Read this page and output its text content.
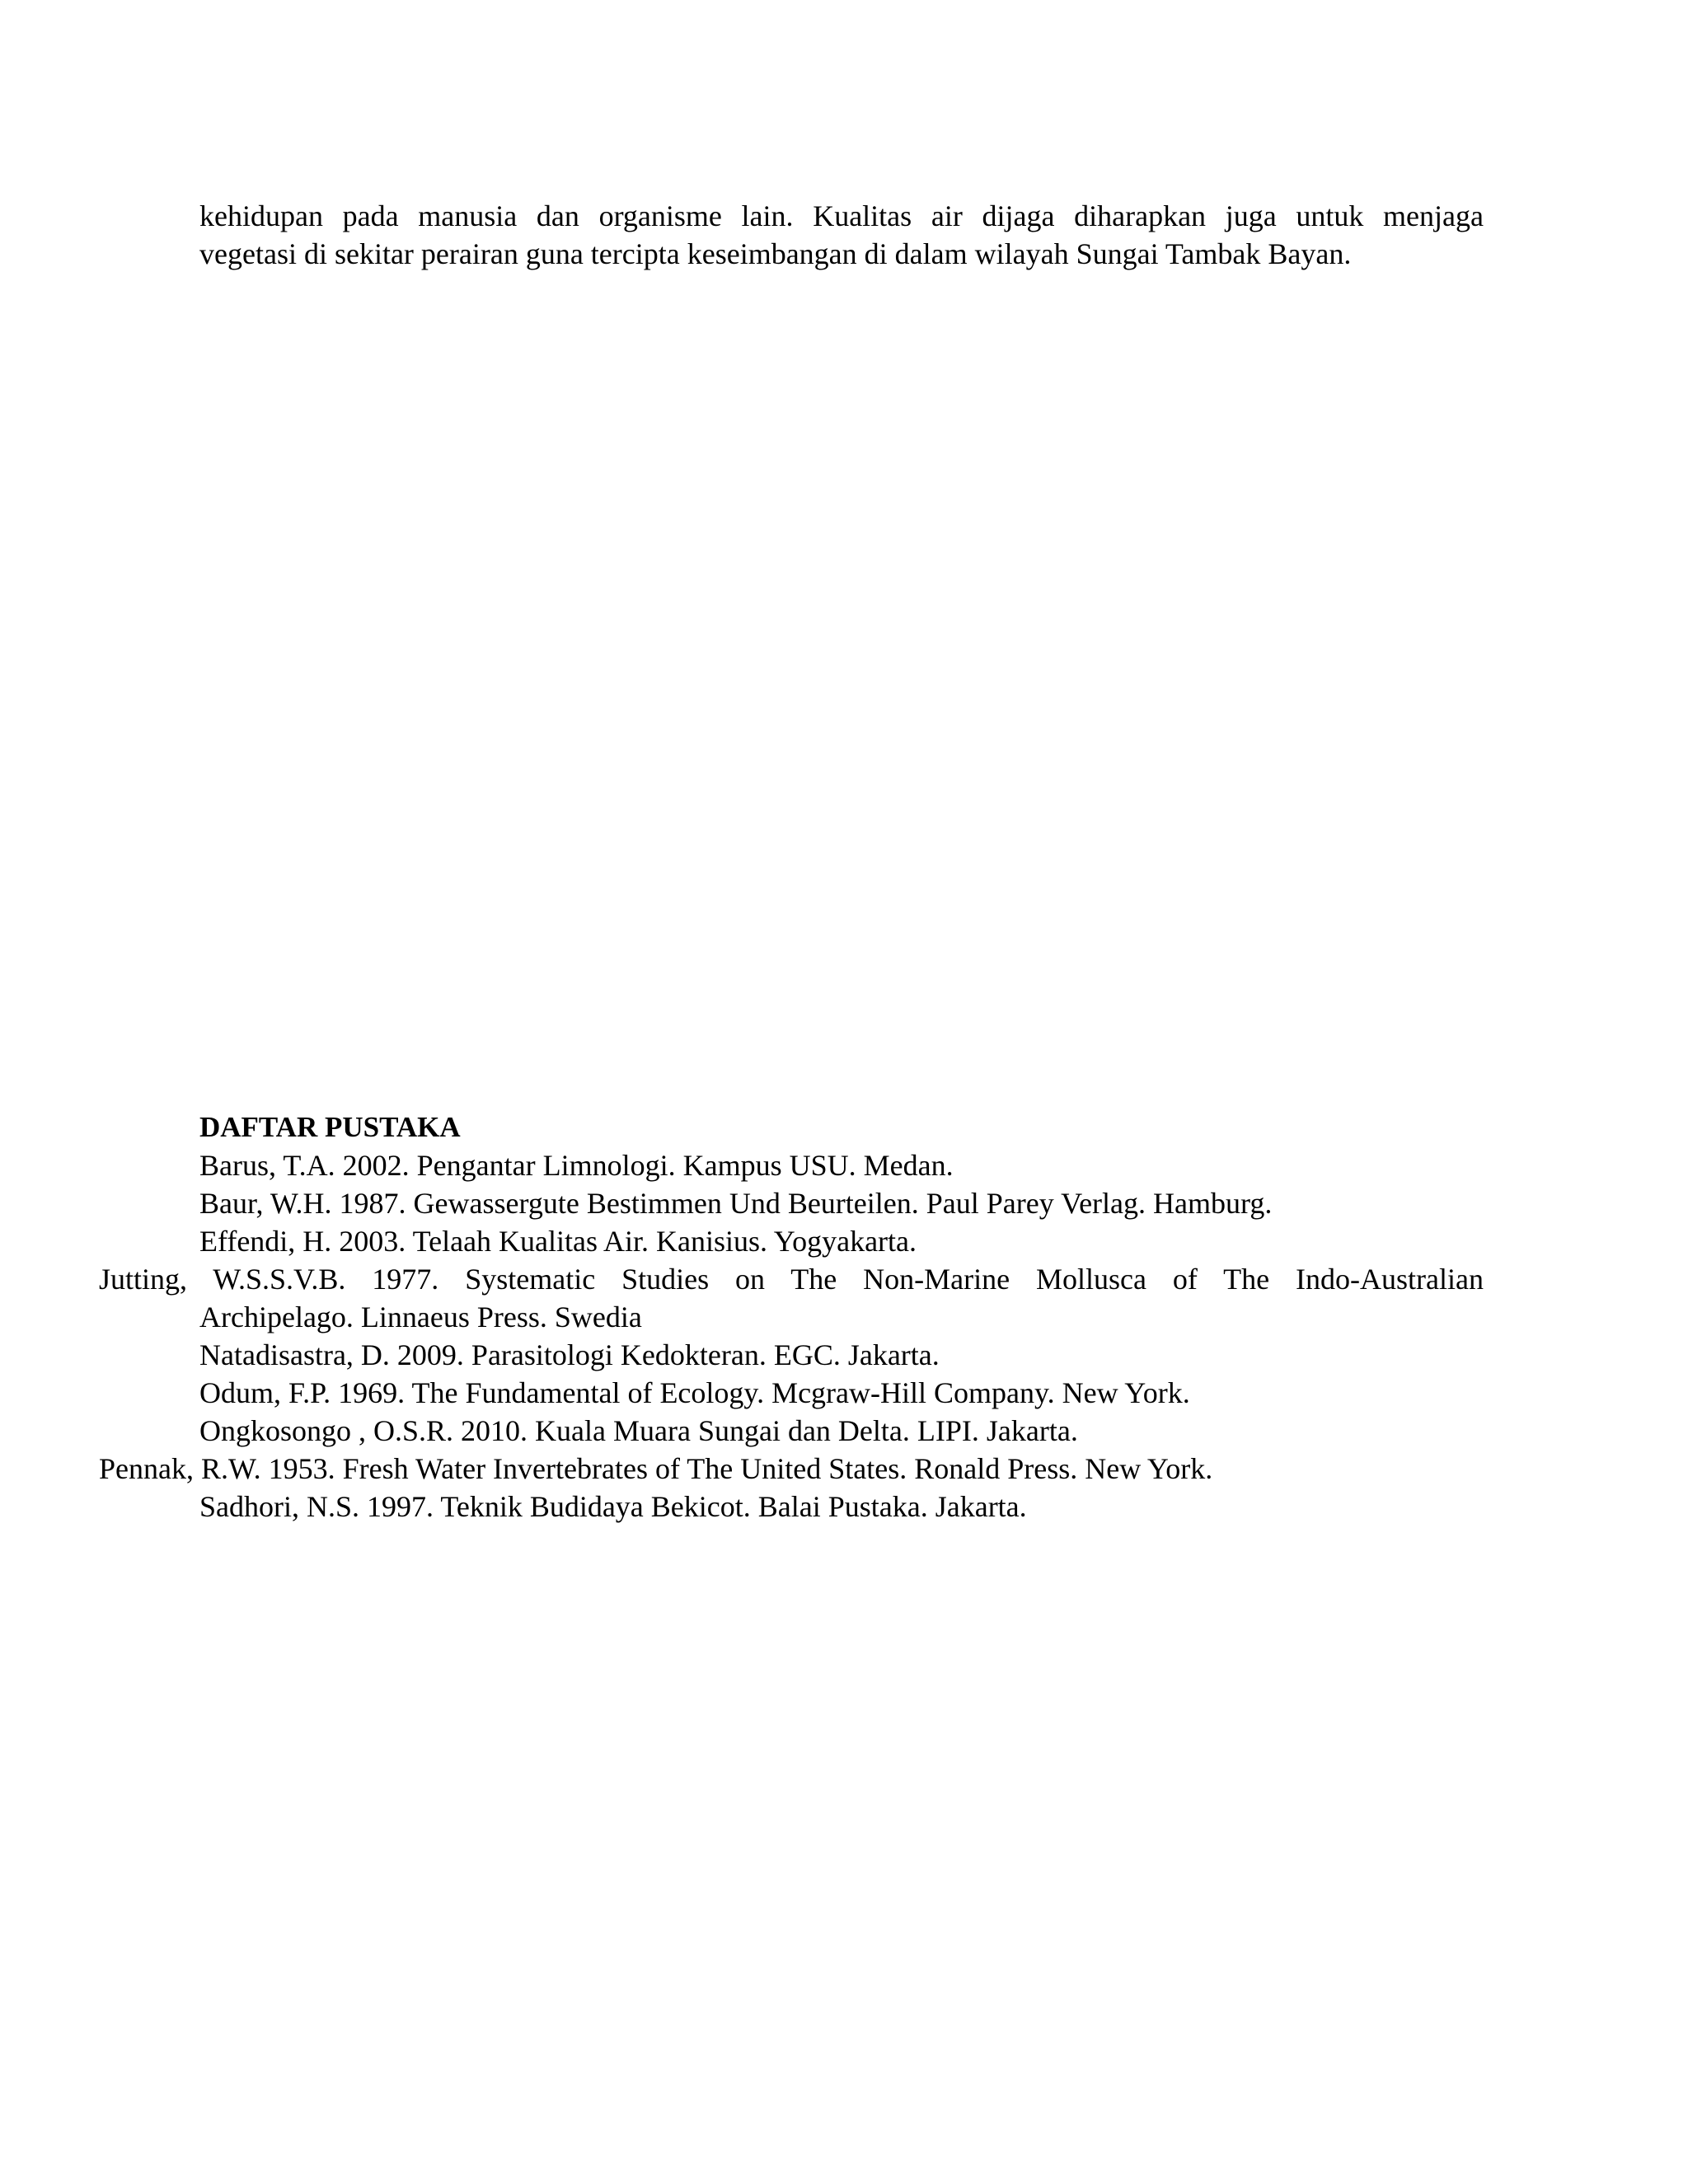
kehidupan pada manusia dan organisme lain. Kualitas air dijaga diharapkan juga untuk menjaga
vegetasi di sekitar perairan guna tercipta keseimbangan di dalam wilayah Sungai Tambak Bayan.
DAFTAR PUSTAKA
Barus, T.A. 2002. Pengantar Limnologi. Kampus USU. Medan.
Baur, W.H. 1987. Gewassergute Bestimmen Und Beurteilen. Paul Parey Verlag. Hamburg.
Effendi, H. 2003. Telaah Kualitas Air. Kanisius. Yogyakarta.
Jutting, W.S.S.V.B. 1977. Systematic Studies on The Non-Marine Mollusca of The Indo-Australian
Archipelago. Linnaeus Press. Swedia
Natadisastra, D. 2009. Parasitologi Kedokteran. EGC. Jakarta.
Odum, F.P. 1969. The Fundamental of Ecology. Mcgraw-Hill Company. New York.
Ongkosongo , O.S.R. 2010. Kuala Muara Sungai dan Delta. LIPI. Jakarta.
Pennak, R.W. 1953. Fresh Water Invertebrates of The United States. Ronald Press. New York.
Sadhori, N.S. 1997. Teknik Budidaya Bekicot. Balai Pustaka. Jakarta.
